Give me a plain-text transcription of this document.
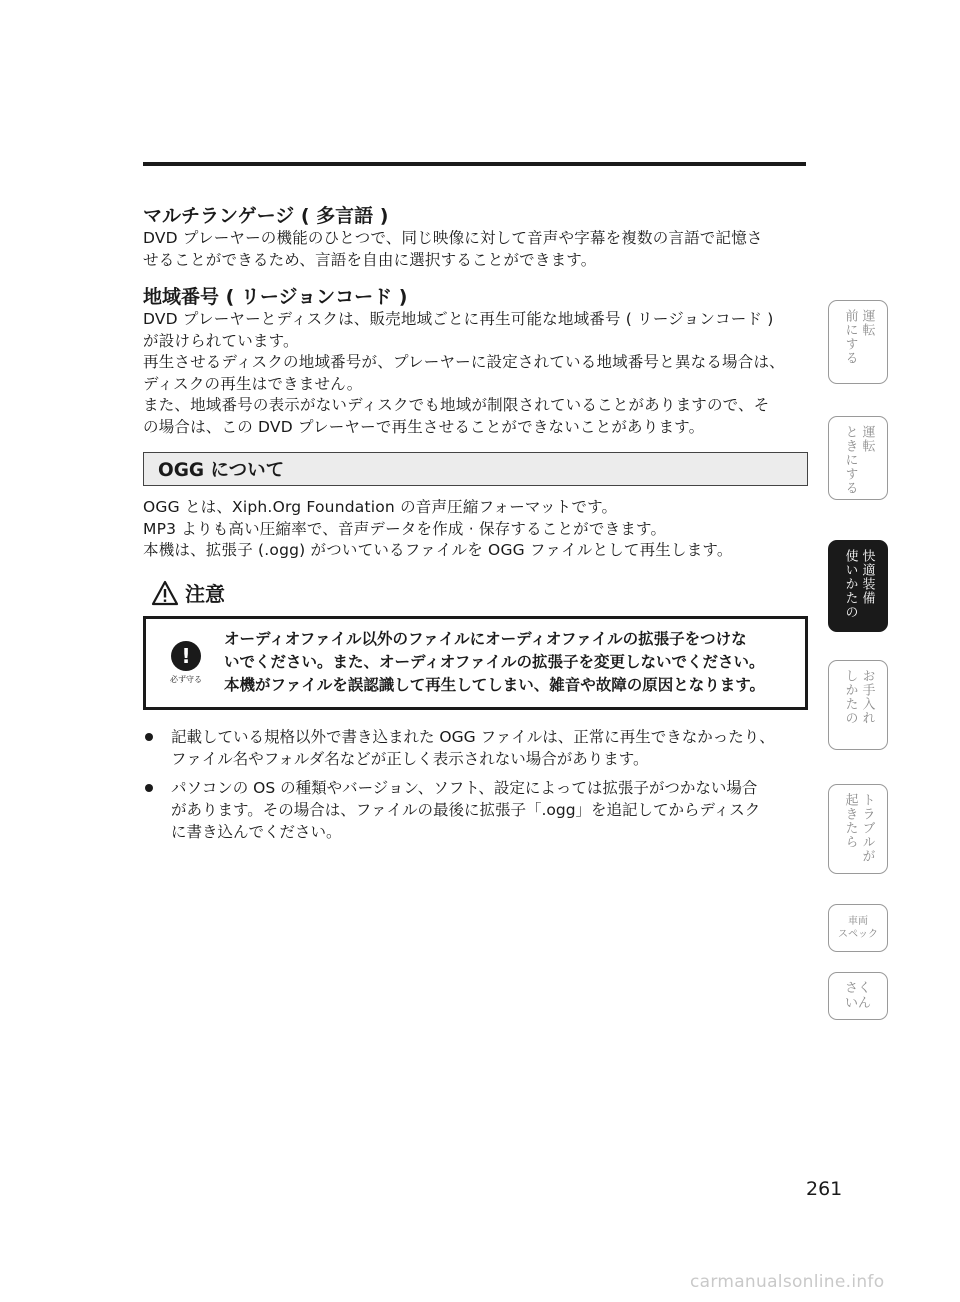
マルチランゲージ ( 多言語 )

DVD プレーヤーの機能のひとつで、同じ映像に対して音声や字幕を複数の言語で記憶さ

せることができるため、言語を自由に選択することができます。

地域番号 ( リージョンコード )

DVD プレーヤーとディスクは、販売地域ごとに再生可能な地域番号 ( リージョンコード )

が設けられています。

再生させるディスクの地域番号が、プレーヤーに設定されている地域番号と異なる場合は、

ディスクの再生はできません。

また、地域番号の表示がないディスクでも地域が制限されていることがありますので、そ

の場合は、この DVD プレーヤーで再生させることができないことがあります。

OGG について

OGG とは、Xiph.Org Foundation の音声圧縮フォーマットです。

MP3 よりも高い圧縮率で、音声データを作成 · 保存することができます。

本機は、拡張子 (.ogg) がついているファイルを OGG ファイルとして再生します。

注意
!
必ず守る
オーディオファイル以外のファイルにオーディオファイルの拡張子をつけな
いでください。また、オーディオファイルの拡張子を変更しないでください。
本機がファイルを誤認識して再生してしまい、雑音や故障の原因となります。
記載している規格以外で書き込まれた OGG ファイルは、正常に再生できなかったり、
ファイル名やフォルダ名などが正しく表示されない場合があります。
パソコンの OS の種類やバージョン、ソフト、設定によっては拡張子がつかない場合
があります。その場合は、ファイルの最後に拡張子「.ogg」を追記してからディスク
に書き込んでください。
運転
前にする
運転
ときにする
快適装備
使いかたの
お手入れ
しかたの
トラブルが
起きたら
車両
スペック
さく
いん
261
carmanualsonline.info
